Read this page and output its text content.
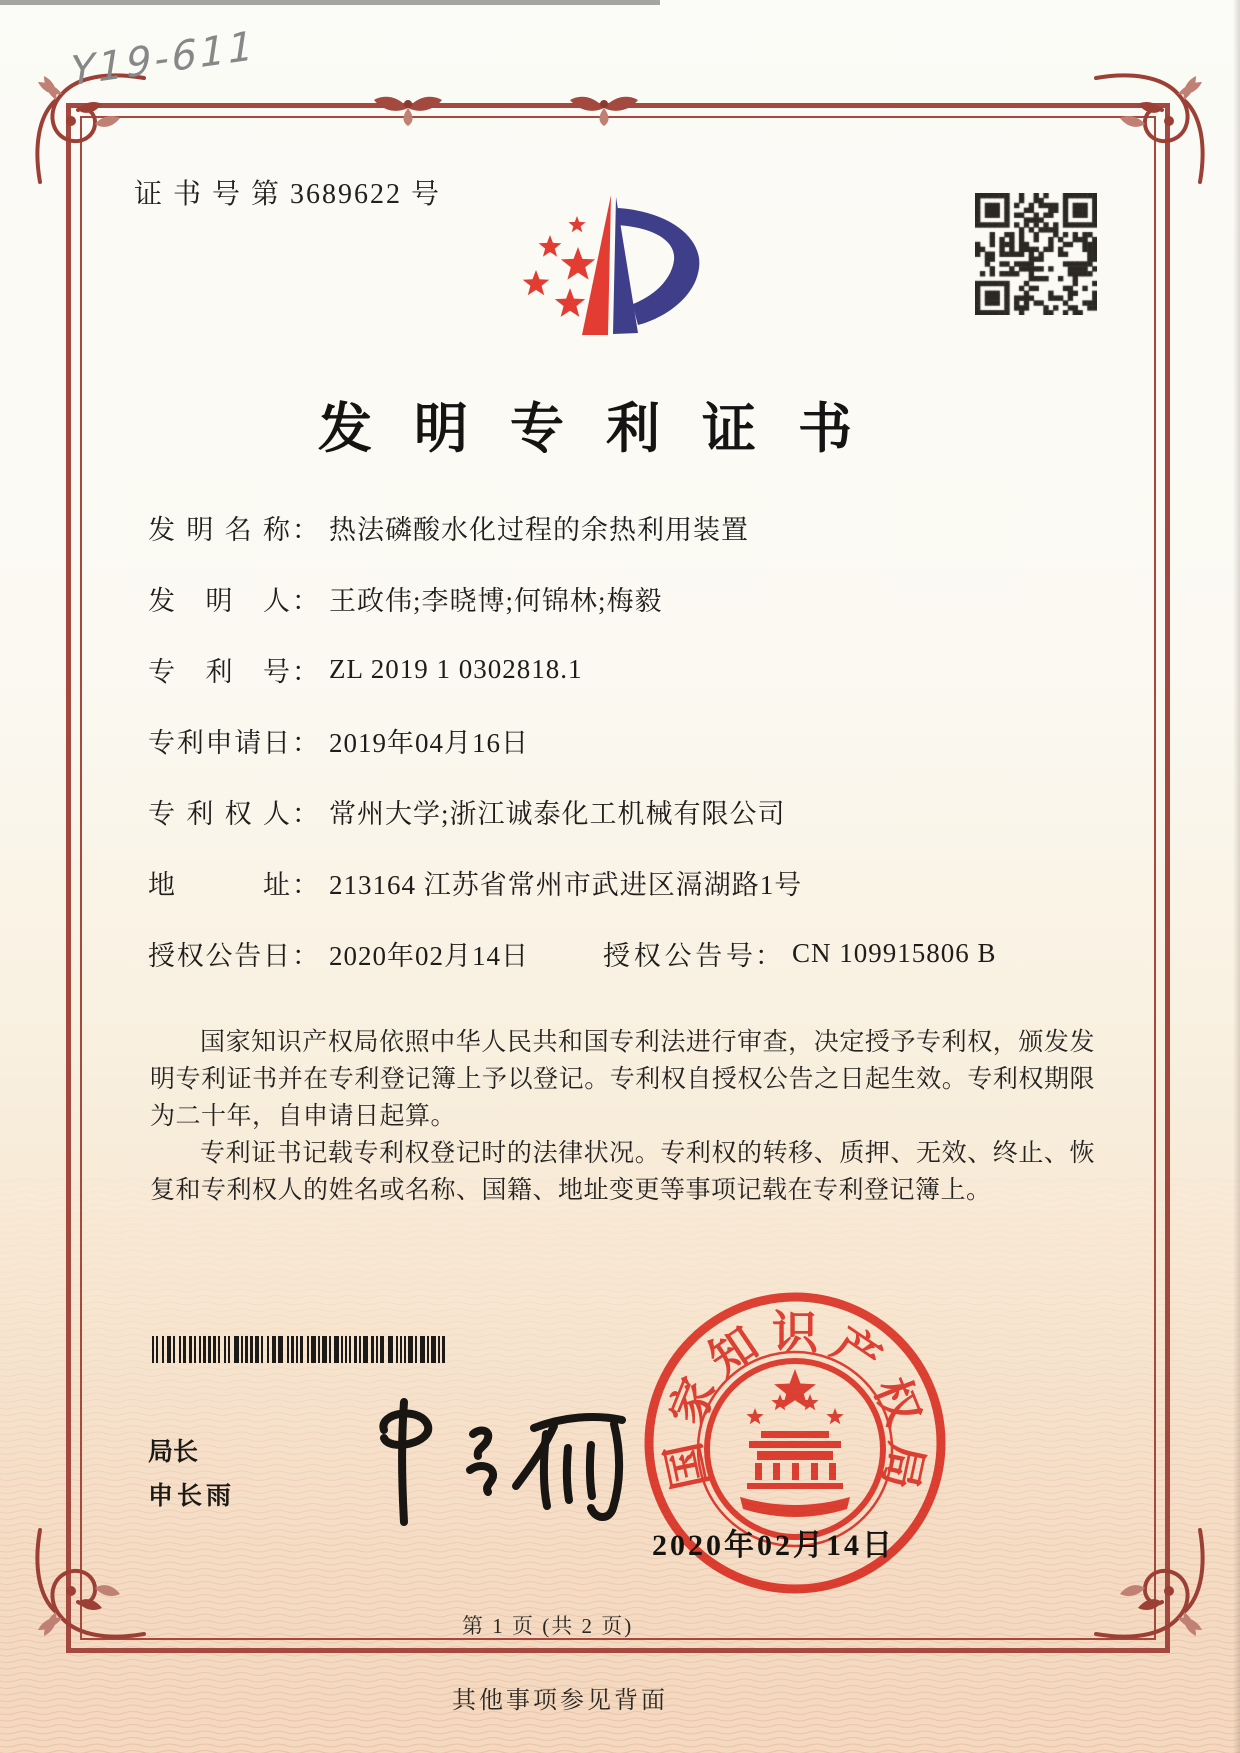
Y19-611
证 书 号 第 3689622 号
发明专利证书
发明名称 ： 热法磷酸水化过程的余热利用装置
发明人 ： 王政伟;李晓博;何锦林;梅毅
专利号 ： ZL 2019 1 0302818.1
专利申请日 ： 2019年04月16日
专利权人 ： 常州大学;浙江诚泰化工机械有限公司
地址 ： 213164 江苏省常州市武进区滆湖路1号
授权公告日 ： 2020年02月14日	授权公告号 ： CN 109915806 B

国家知识产权局依照中华人民共和国专利法进行审查，决定授予专利权，颁发发明专利证书并在专利登记簿上予以登记。专利权自授权公告之日起生效。专利权期限为二十年，自申请日起算。

专利证书记载专利权登记时的法律状况。专利权的转移、质押、无效、终止、恢复和专利权人的姓名或名称、国籍、地址变更等事项记载在专利登记簿上。

局长
申长雨
国
家
知 识 产
权
局
2020年02月14日
第 1 页 (共 2 页)
其他事项参见背面
